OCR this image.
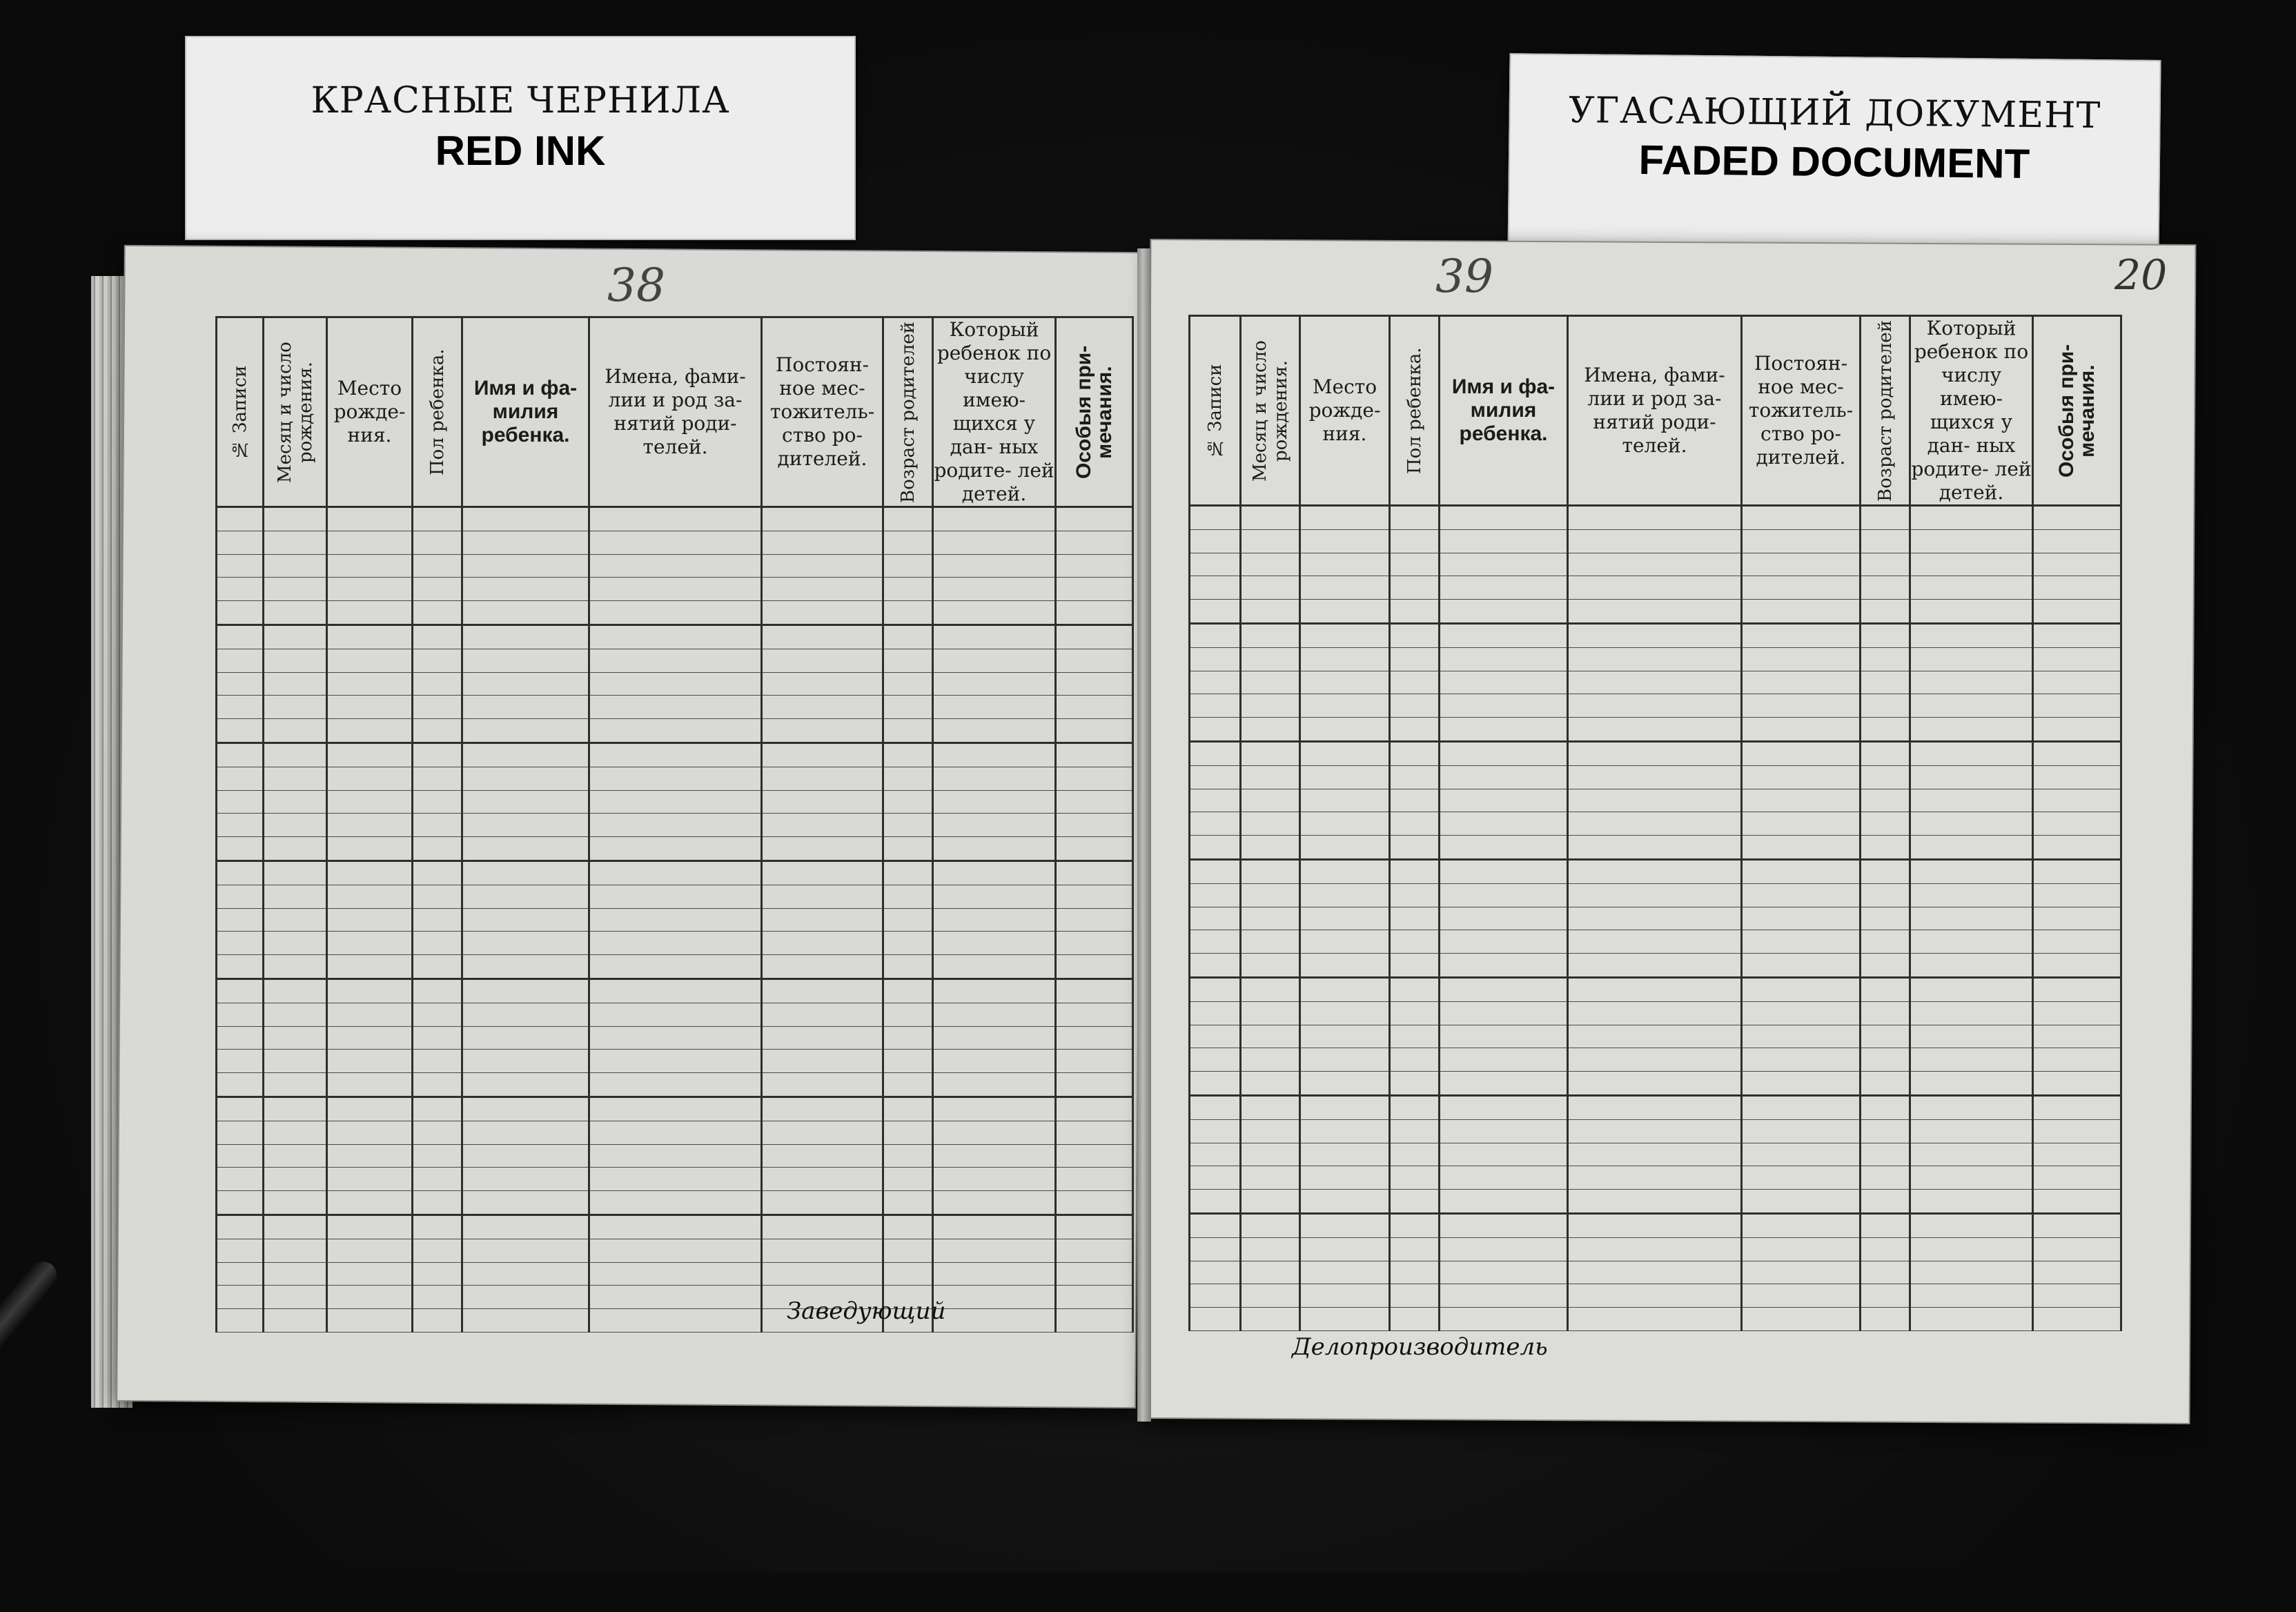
КРАСНЫЕ ЧЕРНИЛА
RED INK
УГАСАЮЩИЙ ДОКУМЕНТ
FADED DOCUMENT
38	39	20
№ Записи	Месяц и число рождения.	Место рожде- ния.	Пол ребенка.	Имя и фа- милия ребенка.	Имена, фами- лии и род за- нятий роди- телей.	Постоян- ное мес- тожитель- ство ро- дителей.	Возраст родителей	Который ребенок по числу имею- щихся у дан- ных родите- лей детей.	Особыя при- мечания.

										№ Записи	Месяц и число рождения.	Место рожде- ния.	Пол ребенка.	Имя и фа- милия ребенка.	Имена, фами- лии и род за- нятий роди- телей.	Постоян- ное мес- тожитель- ство ро- дителей.	Возраст родителей	Который ребенок по числу имею- щихся у дан- ных родите- лей детей.	Особыя при- мечания.

Заведующий
Делопроизводитель
